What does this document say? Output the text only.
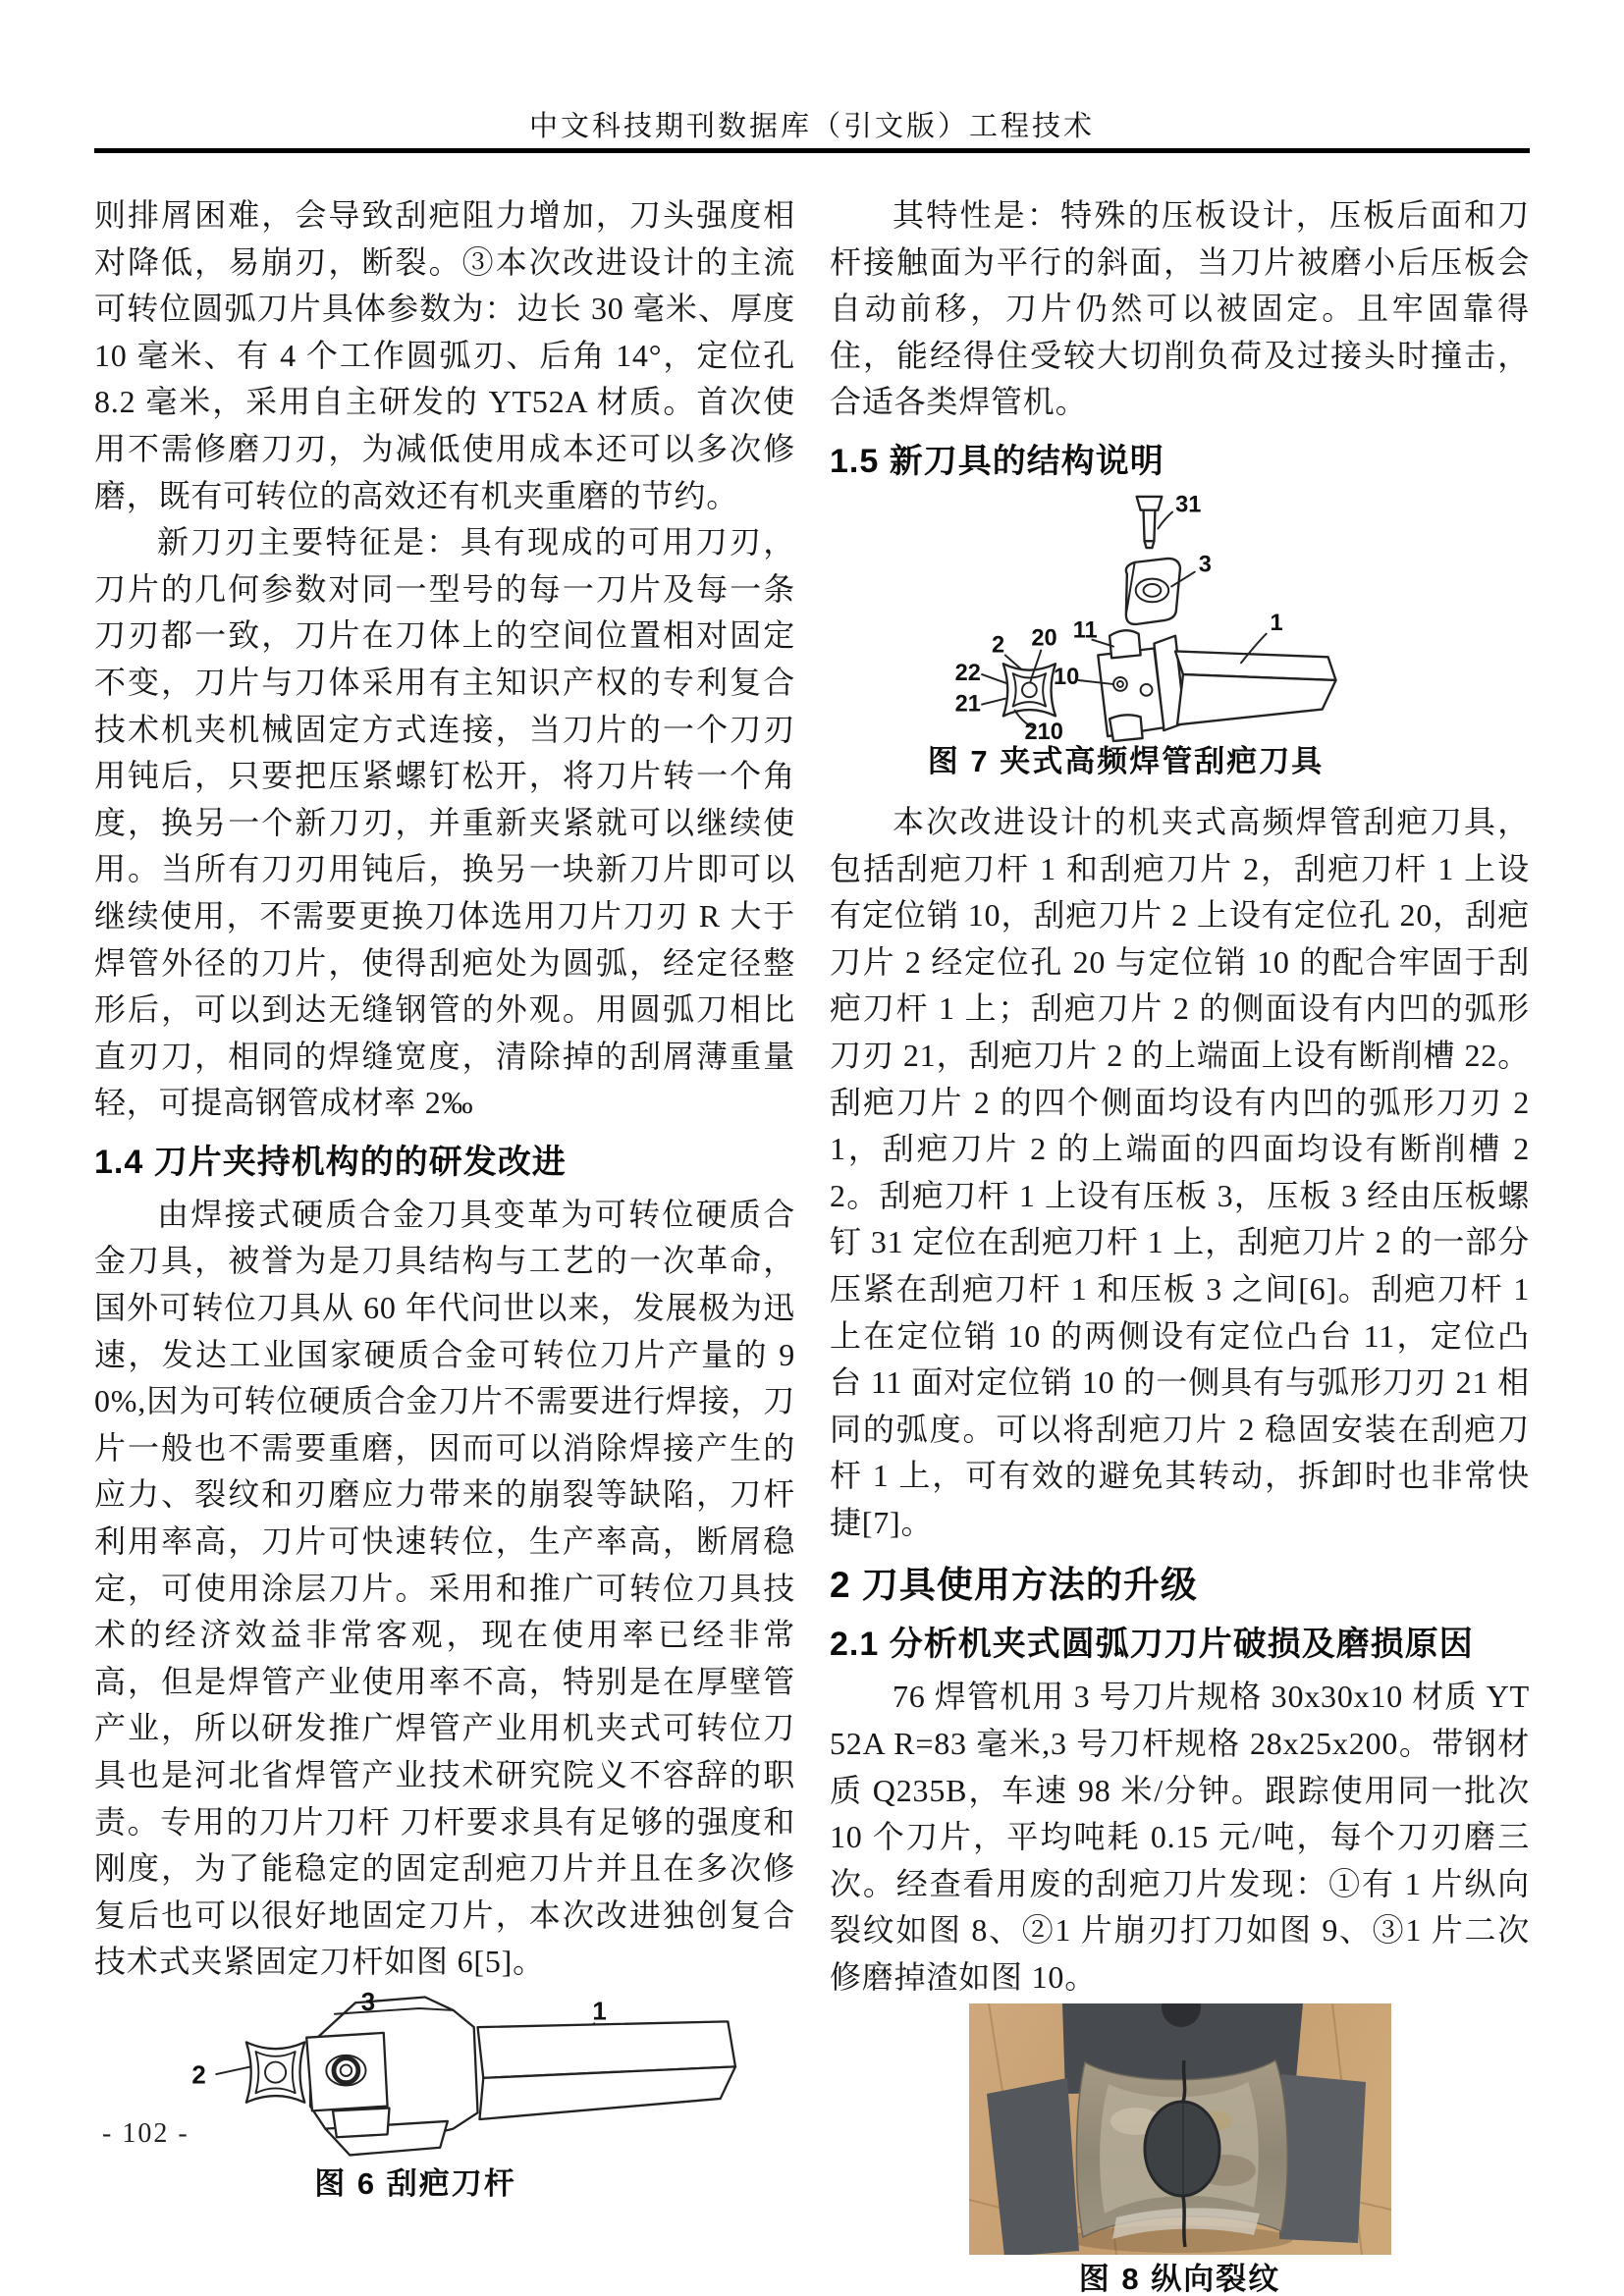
中文科技期刊数据库（引文版）工程技术

则排屑困难，会导致刮疤阻力增加，刀头强度相对降低，易崩刃，断裂。③本次改进设计的主流可转位圆弧刀片具体参数为：边长 30 毫米、厚度 10 毫米、有 4 个工作圆弧刃、后角 14°，定位孔 8.2 毫米，采用自主研发的 YT52A 材质。首次使用不需修磨刀刃，为减低使用成本还可以多次修磨，既有可转位的高效还有机夹重磨的节约。

新刀刃主要特征是：具有现成的可用刀刃，刀片的几何参数对同一型号的每一刀片及每一条刀刃都一致，刀片在刀体上的空间位置相对固定不变，刀片与刀体采用有主知识产权的专利复合技术机夹机械固定方式连接，当刀片的一个刀刃用钝后，只要把压紧螺钉松开，将刀片转一个角度，换另一个新刀刃，并重新夹紧就可以继续使用。当所有刀刃用钝后，换另一块新刀片即可以继续使用，不需要更换刀体选用刀片刀刃 R 大于焊管外径的刀片，使得刮疤处为圆弧，经定径整形后，可以到达无缝钢管的外观。用圆弧刀相比直刃刀，相同的焊缝宽度，清除掉的刮屑薄重量轻，可提高钢管成材率 2‰

1.4 刀片夹持机构的的研发改进

由焊接式硬质合金刀具变革为可转位硬质合金刀具，被誉为是刀具结构与工艺的一次革命，国外可转位刀具从 60 年代问世以来，发展极为迅速，发达工业国家硬质合金可转位刀片产量的 90%,因为可转位硬质合金刀片不需要进行焊接，刀片一般也不需要重磨，因而可以消除焊接产生的应力、裂纹和刃磨应力带来的崩裂等缺陷，刀杆利用率高，刀片可快速转位，生产率高，断屑稳定，可使用涂层刀片。采用和推广可转位刀具技术的经济效益非常客观，现在使用率已经非常高，但是焊管产业使用率不高，特别是在厚壁管产业，所以研发推广焊管产业用机夹式可转位刀具也是河北省焊管产业技术研究院义不容辞的职责。专用的刀片刀杆 刀杆要求具有足够的强度和刚度，为了能稳定的固定刮疤刀片并且在多次修复后也可以很好地固定刀片，本次改进独创复合技术式夹紧固定刀杆如图 6[5]。

3	1
2
图 6 刮疤刀杆

其特性是：特殊的压板设计，压板后面和刀杆接触面为平行的斜面，当刀片被磨小后压板会自动前移，刀片仍然可以被固定。且牢固靠得住，能经得住受较大切削负荷及过接头时撞击，合适各类焊管机。

1.5 新刀具的结构说明
31
3
11	1
2 20
22	10
21
210
图 7 夹式高频焊管刮疤刀具

本次改进设计的机夹式高频焊管刮疤刀具，包括刮疤刀杆 1 和刮疤刀片 2，刮疤刀杆 1 上设有定位销 10，刮疤刀片 2 上设有定位孔 20，刮疤刀片 2 经定位孔 20 与定位销 10 的配合牢固于刮疤刀杆 1 上；刮疤刀片 2 的侧面设有内凹的弧形刀刃 21，刮疤刀片 2 的上端面上设有断削槽 22。刮疤刀片 2 的四个侧面均设有内凹的弧形刀刃 21，刮疤刀片 2 的上端面的四面均设有断削槽 22。刮疤刀杆 1 上设有压板 3，压板 3 经由压板螺钉 31 定位在刮疤刀杆 1 上，刮疤刀片 2 的一部分压紧在刮疤刀杆 1 和压板 3 之间[6]。刮疤刀杆 1 上在定位销 10 的两侧设有定位凸台 11，定位凸台 11 面对定位销 10 的一侧具有与弧形刀刃 21 相同的弧度。可以将刮疤刀片 2 稳固安装在刮疤刀杆 1 上，可有效的避免其转动，拆卸时也非常快捷[7]。

2 刀具使用方法的升级
2.1 分析机夹式圆弧刀刀片破损及磨损原因

76 焊管机用 3 号刀片规格 30x30x10 材质 YT52A R=83 毫米,3 号刀杆规格 28x25x200。带钢材质 Q235B，车速 98 米/分钟。跟踪使用同一批次 10 个刀片，平均吨耗 0.15 元/吨，每个刀刃磨三次。经查看用废的刮疤刀片发现：①有 1 片纵向裂纹如图 8、②1 片崩刃打刀如图 9、③1 片二次修磨掉渣如图 10。

图 8 纵向裂纹
- 102 -
